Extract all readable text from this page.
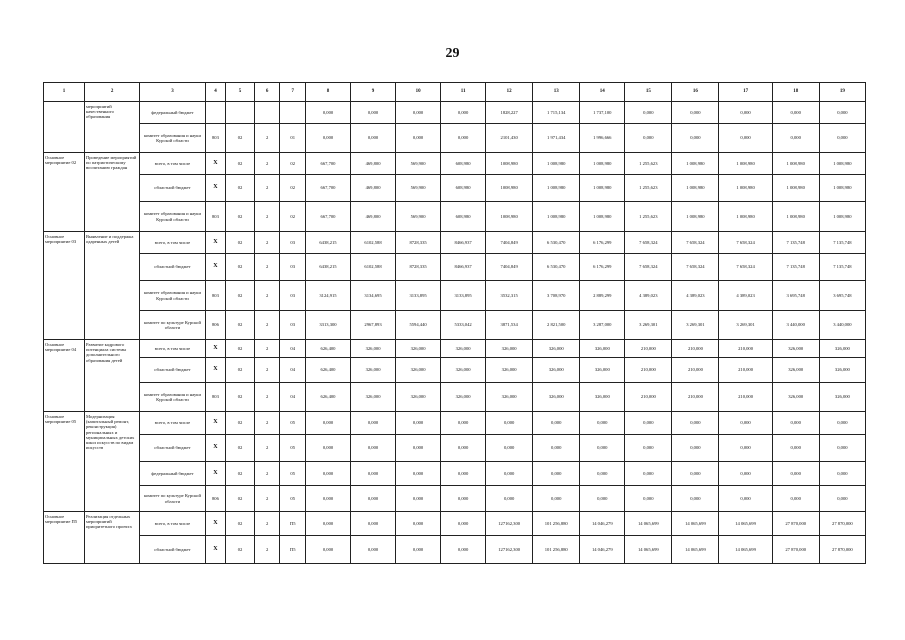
29
1	2	3	4	5	6	7	8	9	10	11	12	13	14	15	16	17	18	19
	мероприятий качественного образования	федеральный бюджет					0,000	0,000	0,000	0,000	1828,227	1 715,134	1 737,100	0,000	0,000	0,000	0,000	0,000
		комитет образования и науки Курской области	803	02	2	01	0,000	0,000	0,000	0,000	2101,430	1 971,434	1 996,666	0,000	0,000	0,000	0,000	0,000
Основное мероприятие 02	Проведение мероприятий по патриотическому воспитанию граждан	всего, в том числе	X	02	2	02	667,700	469,800	569,900	608,980	1008,980	1 008,980	1 008,980	1 255,623	1 008,980	1 008,980	1 008,980	1 008,980
		областной бюджет	X	02	2	02	667,700	469,800	569,900	608,980	1008,980	1 008,980	1 008,980	1 255,623	1 008,980	1 008,980	1 008,980	1 008,980
		комитет образования и науки Курской области	803	02	2	02	667,700	469,800	569,900	608,980	1008,980	1 008,980	1 008,980	1 255,623	1 008,980	1 008,980	1 008,980	1 008,980
Основное мероприятие 03	Выявление и поддержка одаренных детей	всего, в том числе	X	02	2	03	6438,215	6102,588	8728,335	8466,937	7404,849	6 530,470	6 176,299	7 658,324	7 658,324	7 658,324	7 135,748	7 135,748
		областной бюджет	X	02	2	03	6438,215	6102,588	8728,335	8466,937	7404,849	6 530,470	6 176,299	7 658,324	7 658,324	7 658,324	7 135,748	7 135,748
		комитет образования и науки Курской области	803	02	2	03	3124,915	3134,695	3133,895	3133,895	3532,315	3 708,970	2 889,299	4 389,023	4 389,023	4 389,023	3 695,748	3 695,748
		комитет по культуре Курской области	806	02	2	03	3313,300	2967,893	5594,440	5333,042	3871,534	2 821,500	3 287,000	3 269,301	3 269,301	3 269,301	3 440,000	3 440,000
Основное мероприятие 04	Развитие кадрового потенциала системы дополнительного образования детей	всего, в том числе	X	02	2	04	626,400	326,000	326,000	326,000	326,000	326,000	326,000	210,000	210,000	210,000	326,000	326,000
		областной бюджет	X	02	2	04	626,400	326,000	326,000	326,000	326,000	326,000	326,000	210,000	210,000	210,000	326,000	326,000
		комитет образования и науки Курской области	803	02	2	04	626,400	326,000	326,000	326,000	326,000	326,000	326,000	210,000	210,000	210,000	326,000	326,000
Основное мероприятие 05	Модернизация (капитальный ремонт, реконструкция) региональных и муниципальных детских школ искусств по видам искусств	всего, в том числе	X	02	2	05	0,000	0,000	0,000	0,000	0,000	0,000	0,000	0,000	0,000	0,000	0,000	0,000
		областной бюджет	X	02	2	05	0,000	0,000	0,000	0,000	0,000	0,000	0,000	0,000	0,000	0,000	0,000	0,000
		федеральный бюджет	X	02	2	05	0,000	0,000	0,000	0,000	0,000	0,000	0,000	0,000	0,000	0,000	0,000	0,000
		комитет по культуре Курской области	806	02	2	05	0,000	0,000	0,000	0,000	0,000	0,000	0,000	0,000	0,000	0,000	0,000	0,000
Основное мероприятие П5	Реализация отдельных мероприятий приоритетного проекта	всего, в том числе	X	02	2	П5	0,000	0,000	0,000	0,000	127162,300	101 256,880	14 046,279	14 065,699	14 065,699	14 065,699	27 870,000	27 870,000
		областной бюджет	X	02	2	П5	0,000	0,000	0,000	0,000	127162,300	101 256,880	14 046,279	14 065,699	14 065,699	14 065,699	27 870,000	27 870,000
